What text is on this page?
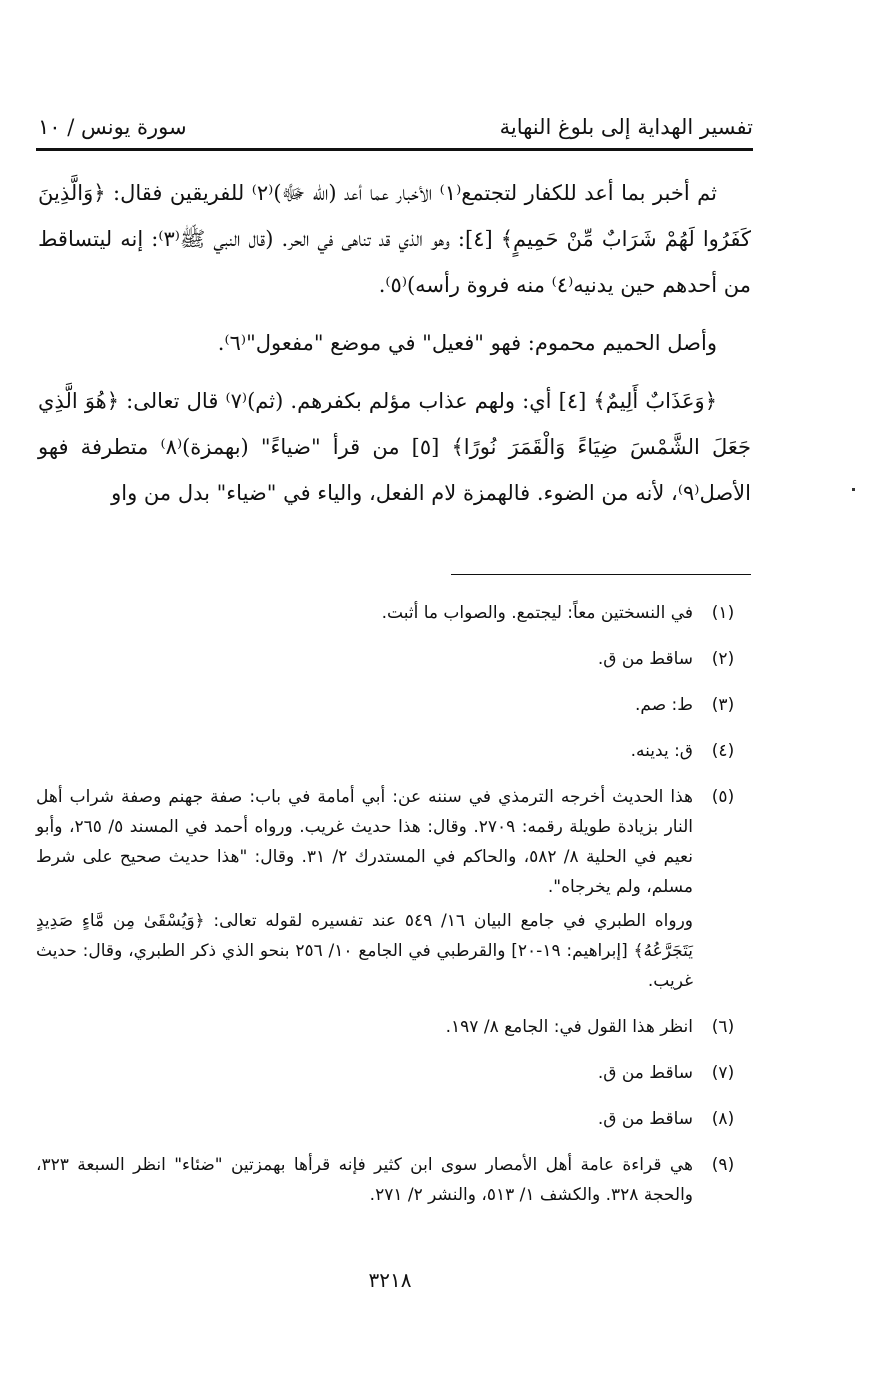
تفسير الهداية إلى بلوغ النهاية
سورة يونس / ١٠

ثم أخبر بما أعد للكفار لتجتمع⁽١⁾ الأخبار عما أعد (الله ﷻ)⁽٢⁾ للفريقين فقال: ﴿وَالَّذِينَ كَفَرُوا لَهُمْ شَرَابٌ مِّنْ حَمِيمٍ﴾ [٤]: وهو الذي قد تناهى في الحر. (قال النبي ﷺ⁽٣⁾: إنه ليتساقط من أحدهم حين يدنيه⁽٤⁾ منه فروة رأسه)⁽٥⁾.

وأصل الحميم محموم: فهو "فعيل" في موضع "مفعول"⁽٦⁾.

﴿وَعَذَابٌ أَلِيمٌ﴾ [٤] أي: ولهم عذاب مؤلم بكفرهم. (ثم)⁽٧⁾ قال تعالى: ﴿هُوَ الَّذِي جَعَلَ الشَّمْسَ ضِيَاءً وَالْقَمَرَ نُورًا﴾ [٥] من قرأ "ضياءً" (بهمزة)⁽٨⁾ متطرفة فهو الأصل⁽٩⁾، لأنه من الضوء. فالهمزة لام الفعل، والياء في "ضياء" بدل من واو

(١)
في النسختين معاً: ليجتمع. والصواب ما أثبت.
(٢)
ساقط من ق.
(٣)
ط: صم.
(٤)
ق: يدينه.
(٥)
هذا الحديث أخرجه الترمذي في سننه عن: أبي أمامة في باب: صفة جهنم وصفة شراب أهل النار بزيادة طويلة رقمه: ٢٧٠٩. وقال: هذا حديث غريب. ورواه أحمد في المسند ٥/ ٢٦٥، وأبو نعيم في الحلية ٨/ ٥٨٢، والحاكم في المستدرك ٢/ ٣١. وقال: "هذا حديث صحيح على شرط مسلم، ولم يخرجاه".
ورواه الطبري في جامع البيان ١٦/ ٥٤٩ عند تفسيره لقوله تعالى: ﴿وَيُسْقَىٰ مِن مَّاءٍ صَدِيدٍ يَتَجَرَّعُهُ﴾ [إبراهيم: ١٩-٢٠] والقرطبي في الجامع ١٠/ ٢٥٦ بنحو الذي ذكر الطبري، وقال: حديث غريب.
(٦)
انظر هذا القول في: الجامع ٨/ ١٩٧.
(٧)
ساقط من ق.
(٨)
ساقط من ق.
(٩)
هي قراءة عامة أهل الأمصار سوى ابن كثير فإنه قرأها بهمزتين "ضئاء" انظر السبعة ٣٢٣، والحجة ٣٢٨. والكشف ١/ ٥١٣، والنشر ٢/ ٢٧١.
٣٢١٨
